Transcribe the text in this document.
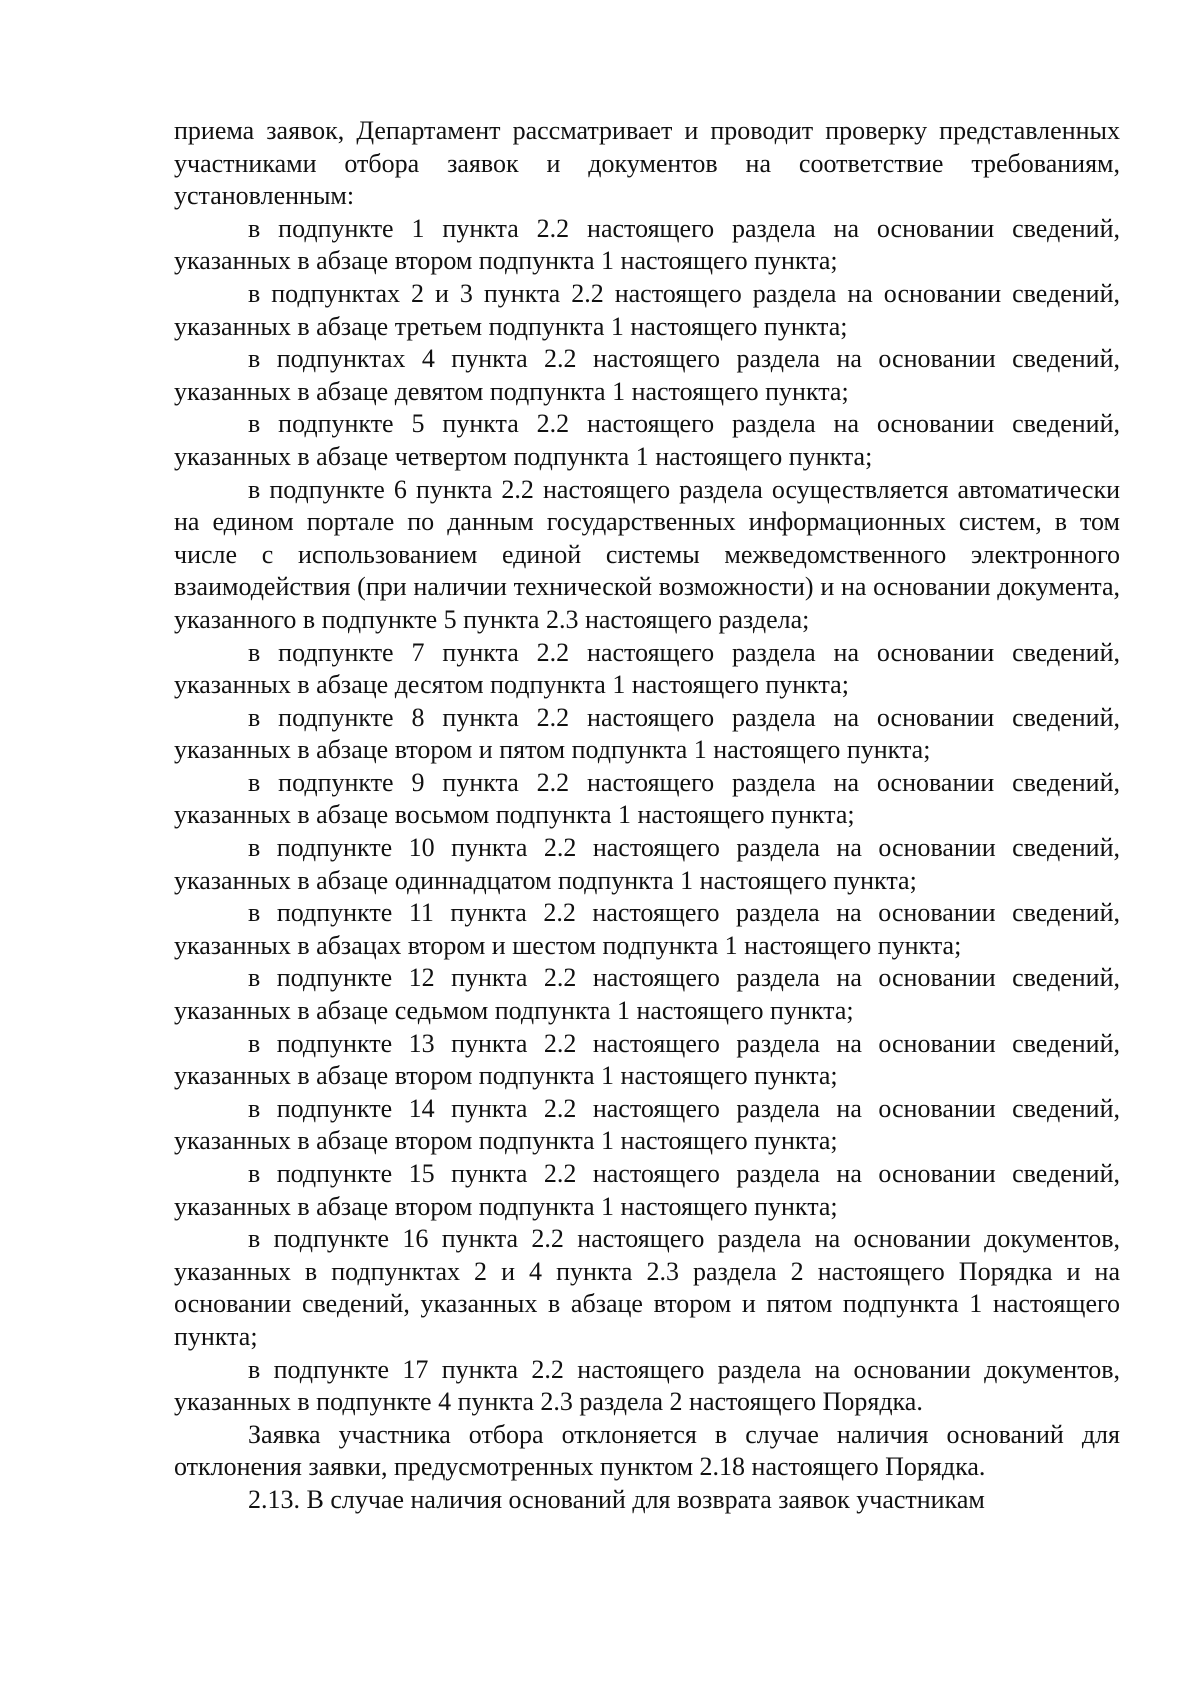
приема заявок, Департамент рассматривает и проводит проверку представленных участниками отбора заявок и документов на соответствие требованиям, установленным:

в подпункте 1 пункта 2.2 настоящего раздела на основании сведений, указанных в абзаце втором подпункта 1 настоящего пункта;

в подпунктах 2 и 3 пункта 2.2 настоящего раздела на основании сведений, указанных в абзаце третьем подпункта 1 настоящего пункта;

в подпунктах 4 пункта 2.2 настоящего раздела на основании сведений, указанных в абзаце девятом подпункта 1 настоящего пункта;

в подпункте 5 пункта 2.2 настоящего раздела на основании сведений, указанных в абзаце четвертом подпункта 1 настоящего пункта;

в подпункте 6 пункта 2.2 настоящего раздела осуществляется автоматически на едином портале по данным государственных информационных систем, в том числе с использованием единой системы межведомственного электронного взаимодействия (при наличии технической возможности) и на основании документа, указанного в подпункте 5 пункта 2.3 настоящего раздела;

в подпункте 7 пункта 2.2 настоящего раздела на основании сведений, указанных в абзаце десятом подпункта 1 настоящего пункта;

в подпункте 8 пункта 2.2 настоящего раздела на основании сведений, указанных в абзаце втором и пятом подпункта 1 настоящего пункта;

в подпункте 9 пункта 2.2 настоящего раздела на основании сведений, указанных в абзаце восьмом подпункта 1 настоящего пункта;

в подпункте 10 пункта 2.2 настоящего раздела на основании сведений, указанных в абзаце одиннадцатом подпункта 1 настоящего пункта;

в подпункте 11 пункта 2.2 настоящего раздела на основании сведений, указанных в абзацах втором и шестом подпункта 1 настоящего пункта;

в подпункте 12 пункта 2.2 настоящего раздела на основании сведений, указанных в абзаце седьмом подпункта 1 настоящего пункта;

в подпункте 13 пункта 2.2 настоящего раздела на основании сведений, указанных в абзаце втором подпункта 1 настоящего пункта;

в подпункте 14 пункта 2.2 настоящего раздела на основании сведений, указанных в абзаце втором подпункта 1 настоящего пункта;

в подпункте 15 пункта 2.2 настоящего раздела на основании сведений, указанных в абзаце втором подпункта 1 настоящего пункта;

в подпункте 16 пункта 2.2 настоящего раздела на основании документов, указанных в подпунктах 2 и 4 пункта 2.3 раздела 2 настоящего Порядка и на основании сведений, указанных в абзаце втором и пятом подпункта 1 настоящего пункта;

в подпункте 17 пункта 2.2 настоящего раздела на основании документов, указанных в подпункте 4 пункта 2.3 раздела 2 настоящего Порядка.

Заявка участника отбора отклоняется в случае наличия оснований для отклонения заявки, предусмотренных пунктом 2.18 настоящего Порядка.

2.13. В случае наличия оснований для возврата заявок участникам
